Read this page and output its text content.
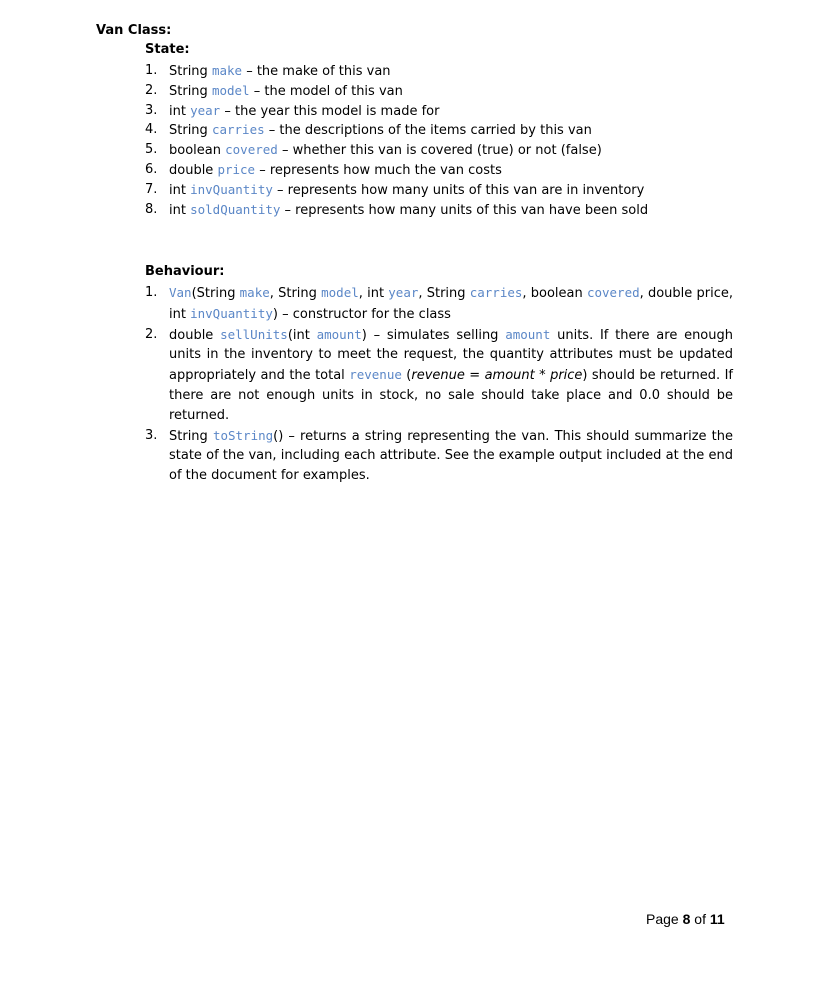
Van Class:
State:
1. String make – the make of this van
2. String model – the model of this van
3. int year – the year this model is made for
4. String carries – the descriptions of the items carried by this van
5. boolean covered – whether this van is covered (true) or not (false)
6. double price – represents how much the van costs
7. int invQuantity – represents how many units of this van are in inventory
8. int soldQuantity – represents how many units of this van have been sold
Behaviour:
1. Van(String make, String model, int year, String carries, boolean covered, double price, int invQuantity) – constructor for the class
2. double sellUnits(int amount) – simulates selling amount units. If there are enough units in the inventory to meet the request, the quantity attributes must be updated appropriately and the total revenue (revenue = amount * price) should be returned. If there are not enough units in stock, no sale should take place and 0.0 should be returned.
3. String toString() – returns a string representing the van. This should summarize the state of the van, including each attribute. See the example output included at the end of the document for examples.
Page 8 of 11
